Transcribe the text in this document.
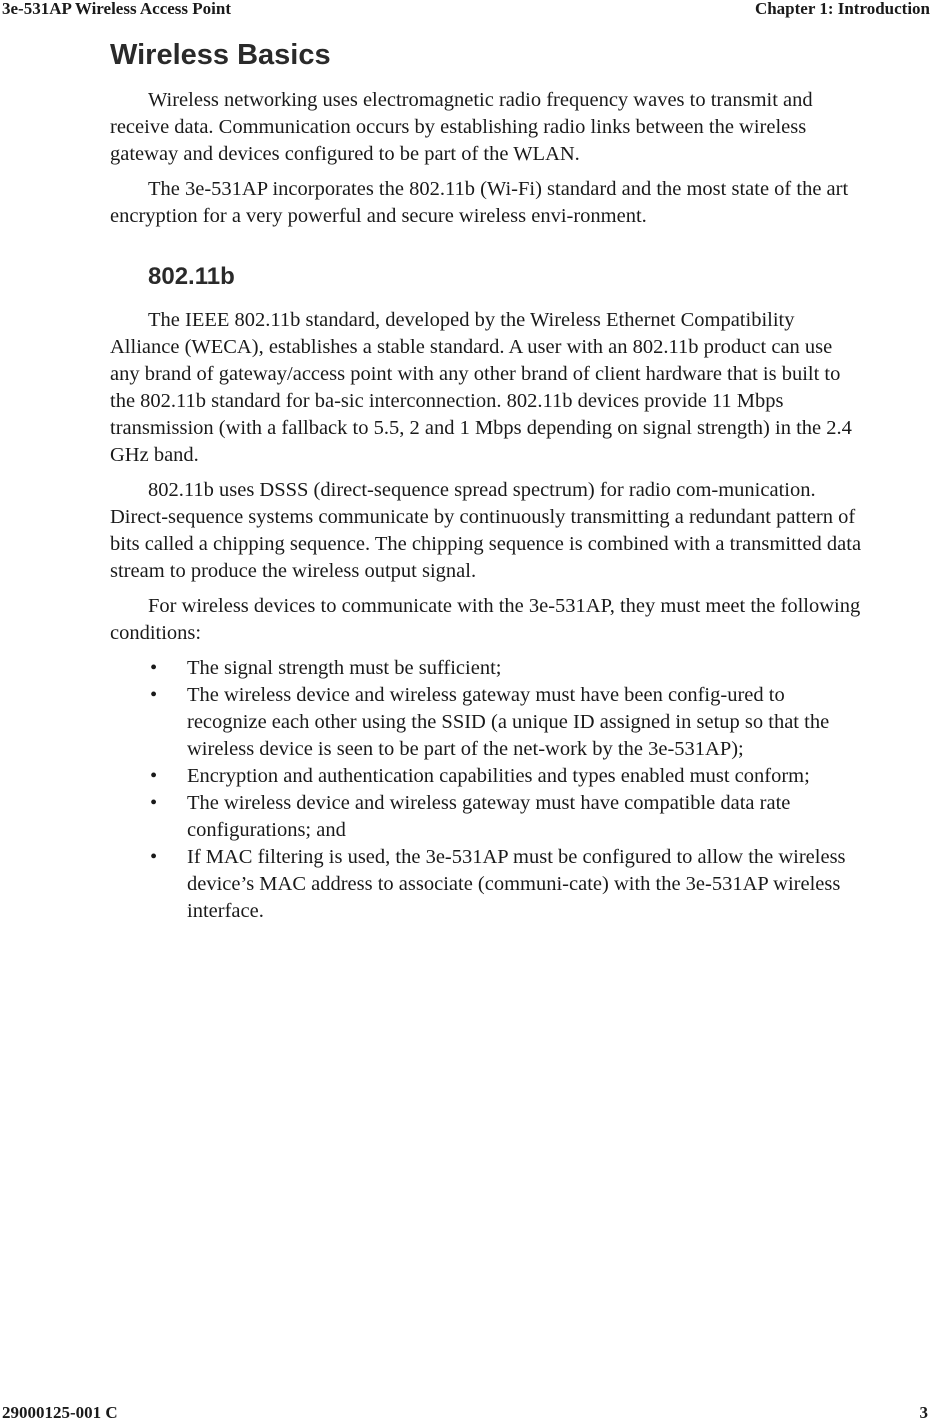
3e-531AP Wireless Access Point	Chapter 1: Introduction
Wireless Basics

Wireless networking uses electromagnetic radio frequency waves to transmit and receive data. Communication occurs by establishing radio links between the wireless gateway and devices configured to be part of the WLAN.

The 3e-531AP incorporates the 802.11b (Wi-Fi) standard and the most state of the art encryption for a very powerful and secure wireless envi-ronment.

802.11b

The IEEE 802.11b standard, developed by the Wireless Ethernet Compatibility Alliance (WECA), establishes a stable standard. A user with an 802.11b product can use any brand of gateway/access point with any other brand of client hardware that is built to the 802.11b standard for ba-sic interconnection. 802.11b devices provide 11 Mbps transmission (with a fallback to 5.5, 2 and 1 Mbps depending on signal strength) in the 2.4 GHz band.

802.11b uses DSSS (direct-sequence spread spectrum) for radio com-munication. Direct-sequence systems communicate by continuously transmitting a redundant pattern of bits called a chipping sequence. The chipping sequence is combined with a transmitted data stream to produce the wireless output signal.

For wireless devices to communicate with the 3e-531AP, they must meet the following conditions:

• The signal strength must be sufficient;
• The wireless device and wireless gateway must have been config-ured to recognize each other using the SSID (a unique ID assigned in setup so that the wireless device is seen to be part of the net-work by the 3e-531AP);
• Encryption and authentication capabilities and types enabled must conform;
• The wireless device and wireless gateway must have compatible data rate configurations; and
• If MAC filtering is used, the 3e-531AP must be configured to allow the wireless device’s MAC address to associate (communi-cate) with the 3e-531AP wireless interface.
29000125-001 C	3
